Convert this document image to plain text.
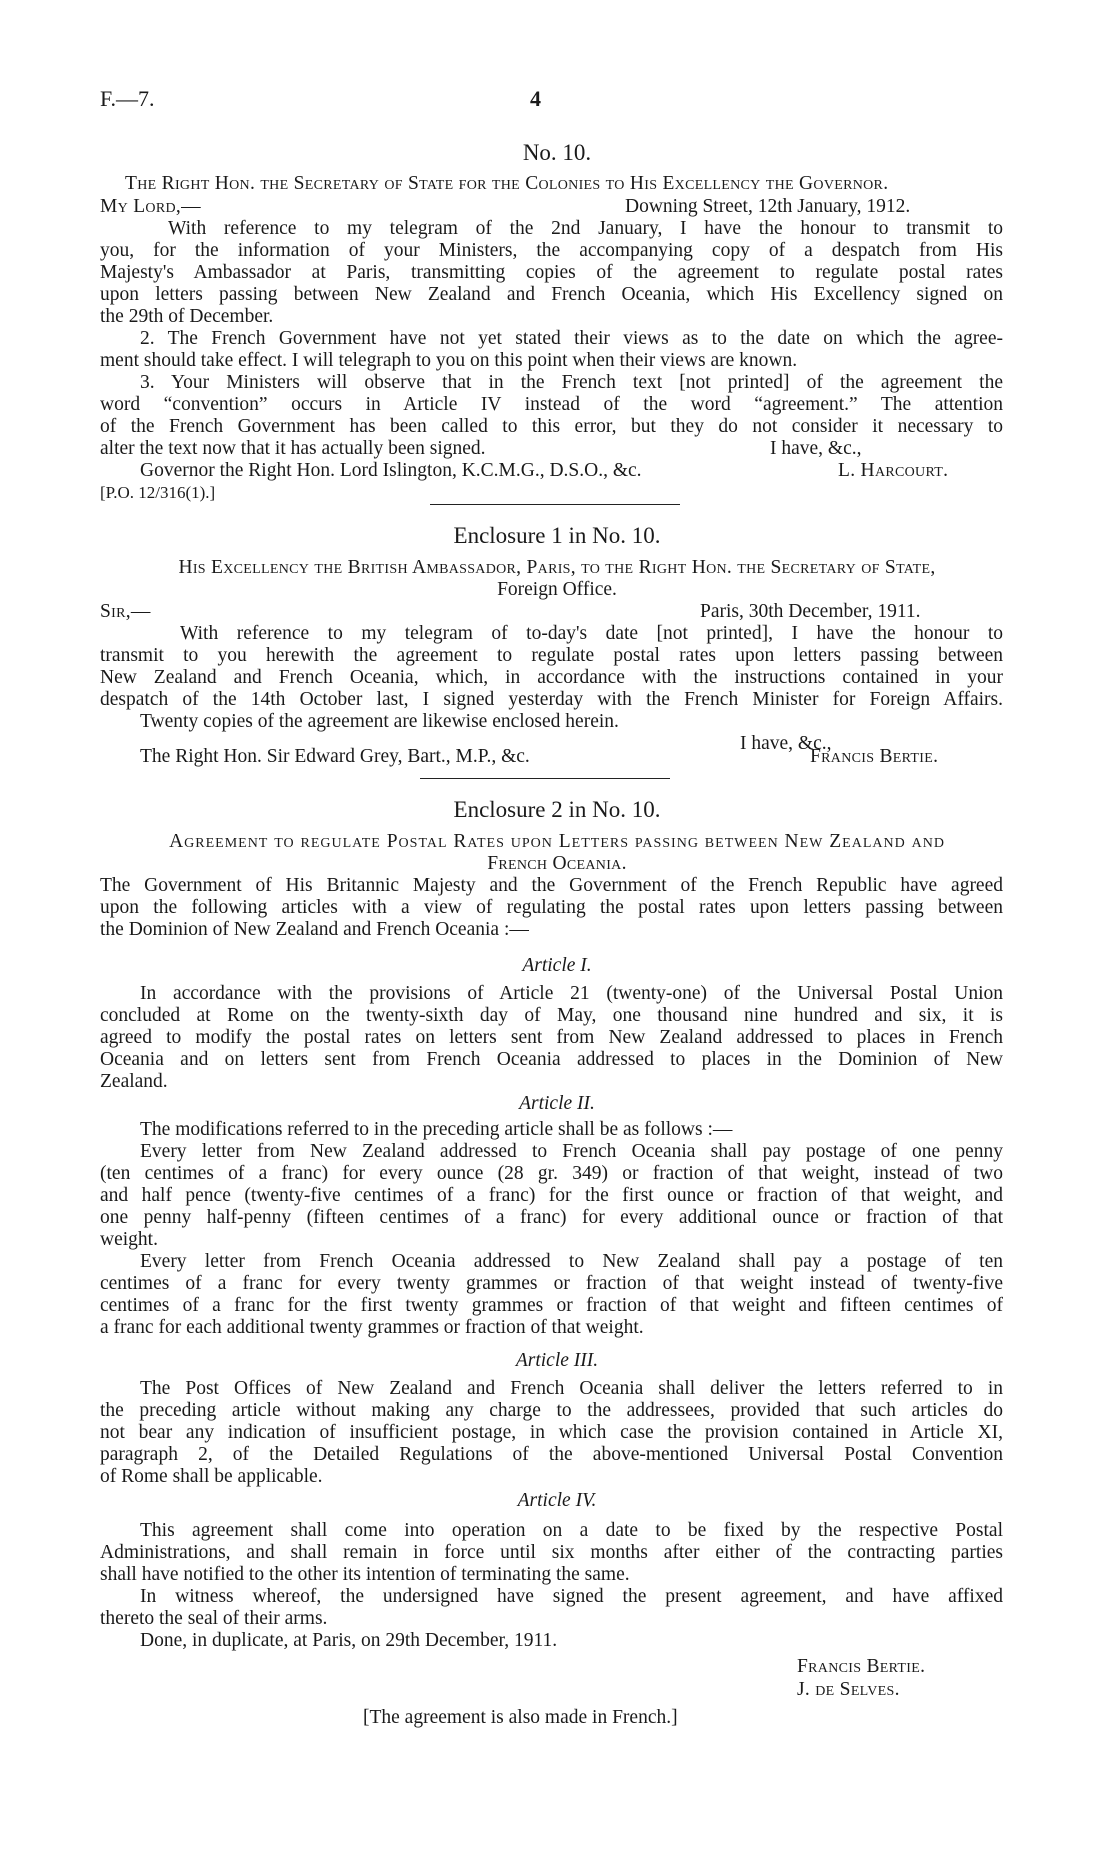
F.—7.	4
No. 10.
The Right Hon. the Secretary of State for the Colonies to His Excellency the Governor.
My Lord,—	Downing Street, 12th January, 1912.
With reference to my telegram of the 2nd January, I have the honour to transmit to
you, for the information of your Ministers, the accompanying copy of a despatch from His
Majesty's Ambassador at Paris, transmitting copies of the agreement to regulate postal rates
upon letters passing between New Zealand and French Oceania, which His Excellency signed on
the 29th of December.
2. The French Government have not yet stated their views as to the date on which the agree-
ment should take effect. I will telegraph to you on this point when their views are known.
3. Your Ministers will observe that in the French text [not printed] of the agreement the
word “convention” occurs in Article IV instead of the word “agreement.” The attention
of the French Government has been called to this error, but they do not consider it necessary to
alter the text now that it has actually been signed.	I have, &c.,
Governor the Right Hon. Lord Islington, K.C.M.G., D.S.O., &c.	L. Harcourt.
[P.O. 12/316(1).]
Enclosure 1 in No. 10.
His Excellency the British Ambassador, Paris, to the Right Hon. the Secretary of State,
Foreign Office.
Sir,—	Paris, 30th December, 1911.
With reference to my telegram of to-day's date [not printed], I have the honour to
transmit to you herewith the agreement to regulate postal rates upon letters passing between
New Zealand and French Oceania, which, in accordance with the instructions contained in your
despatch of the 14th October last, I signed yesterday with the French Minister for Foreign Affairs.
Twenty copies of the agreement are likewise enclosed herein.
I have, &c.,
The Right Hon. Sir Edward Grey, Bart., M.P., &c.	Francis Bertie.
Enclosure 2 in No. 10.
Agreement to regulate Postal Rates upon Letters passing between New Zealand and
French Oceania.
The Government of His Britannic Majesty and the Government of the French Republic have agreed
upon the following articles with a view of regulating the postal rates upon letters passing between
the Dominion of New Zealand and French Oceania :—
Article I.
In accordance with the provisions of Article 21 (twenty-one) of the Universal Postal Union
concluded at Rome on the twenty-sixth day of May, one thousand nine hundred and six, it is
agreed to modify the postal rates on letters sent from New Zealand addressed to places in French
Oceania and on letters sent from French Oceania addressed to places in the Dominion of New
Zealand.
Article II.
The modifications referred to in the preceding article shall be as follows :—
Every letter from New Zealand addressed to French Oceania shall pay postage of one penny
(ten centimes of a franc) for every ounce (28 gr. 349) or fraction of that weight, instead of two
and half pence (twenty-five centimes of a franc) for the first ounce or fraction of that weight, and
one penny half-penny (fifteen centimes of a franc) for every additional ounce or fraction of that
weight.
Every letter from French Oceania addressed to New Zealand shall pay a postage of ten
centimes of a franc for every twenty grammes or fraction of that weight instead of twenty-five
centimes of a franc for the first twenty grammes or fraction of that weight and fifteen centimes of
a franc for each additional twenty grammes or fraction of that weight.
Article III.
The Post Offices of New Zealand and French Oceania shall deliver the letters referred to in
the preceding article without making any charge to the addressees, provided that such articles do
not bear any indication of insufficient postage, in which case the provision contained in Article XI,
paragraph 2, of the Detailed Regulations of the above-mentioned Universal Postal Convention
of Rome shall be applicable.
Article IV.
This agreement shall come into operation on a date to be fixed by the respective Postal
Administrations, and shall remain in force until six months after either of the contracting parties
shall have notified to the other its intention of terminating the same.
In witness whereof, the undersigned have signed the present agreement, and have affixed
thereto the seal of their arms.
Done, in duplicate, at Paris, on 29th December, 1911.
Francis Bertie.
J. de Selves.
[The agreement is also made in French.]
